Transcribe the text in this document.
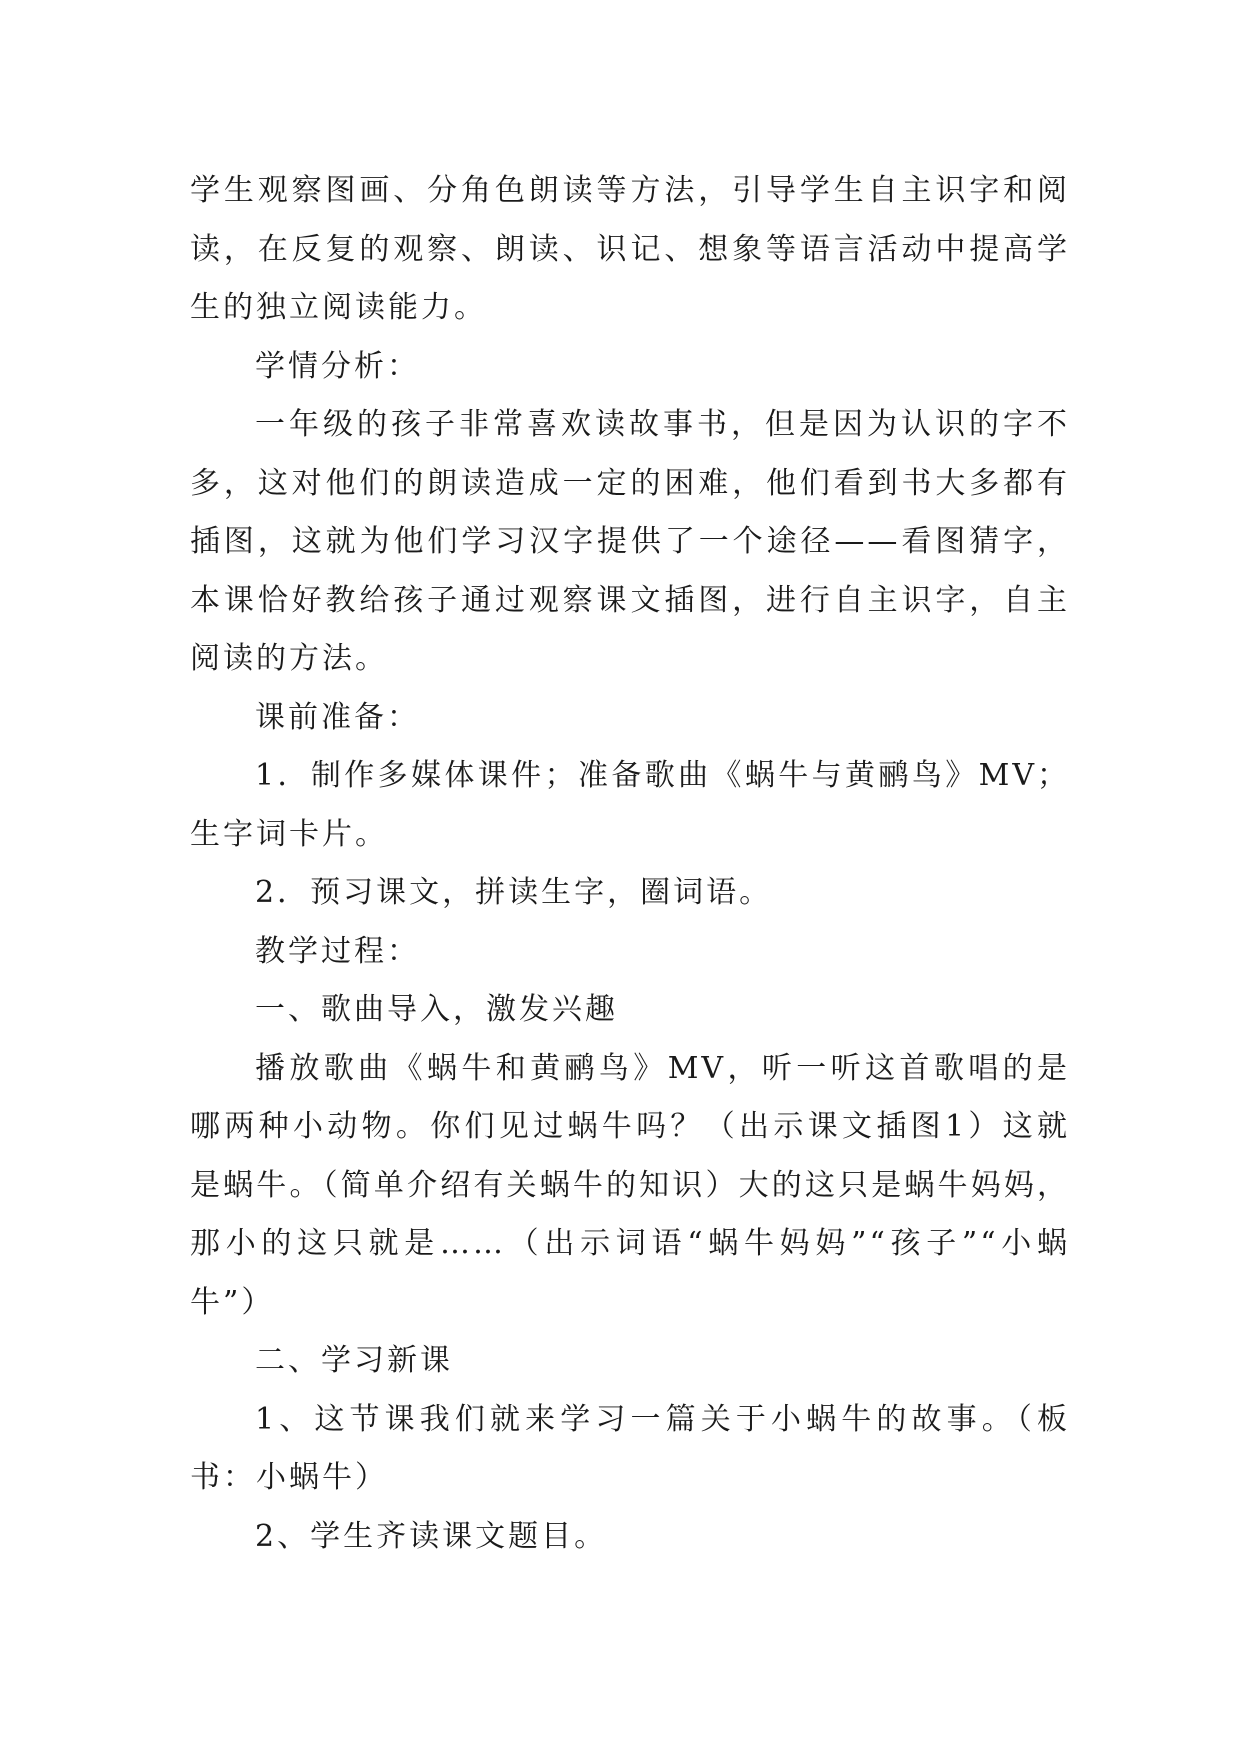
学生观察图画、分角色朗读等方法，引导学生自主识字和阅读，在反复的观察、朗读、识记、想象等语言活动中提高学生的独立阅读能力。

学情分析：

一年级的孩子非常喜欢读故事书，但是因为认识的字不多，这对他们的朗读造成一定的困难，他们看到书大多都有插图，这就为他们学习汉字提供了一个途径——看图猜字，本课恰好教给孩子通过观察课文插图，进行自主识字，自主阅读的方法。

课前准备：

1．制作多媒体课件；准备歌曲《蜗牛与黄鹂鸟》MV；生字词卡片。

2．预习课文，拼读生字，圈词语。

教学过程：

一、歌曲导入，激发兴趣

播放歌曲《蜗牛和黄鹂鸟》MV，听一听这首歌唱的是哪两种小动物。你们见过蜗牛吗？（出示课文插图1）这就是蜗牛。（简单介绍有关蜗牛的知识）大的这只是蜗牛妈妈，那小的这只就是……（出示词语“蜗牛妈妈”“孩子”“小蜗牛”）

二、学习新课

1、这节课我们就来学习一篇关于小蜗牛的故事。（板书：小蜗牛）

2、学生齐读课文题目。
